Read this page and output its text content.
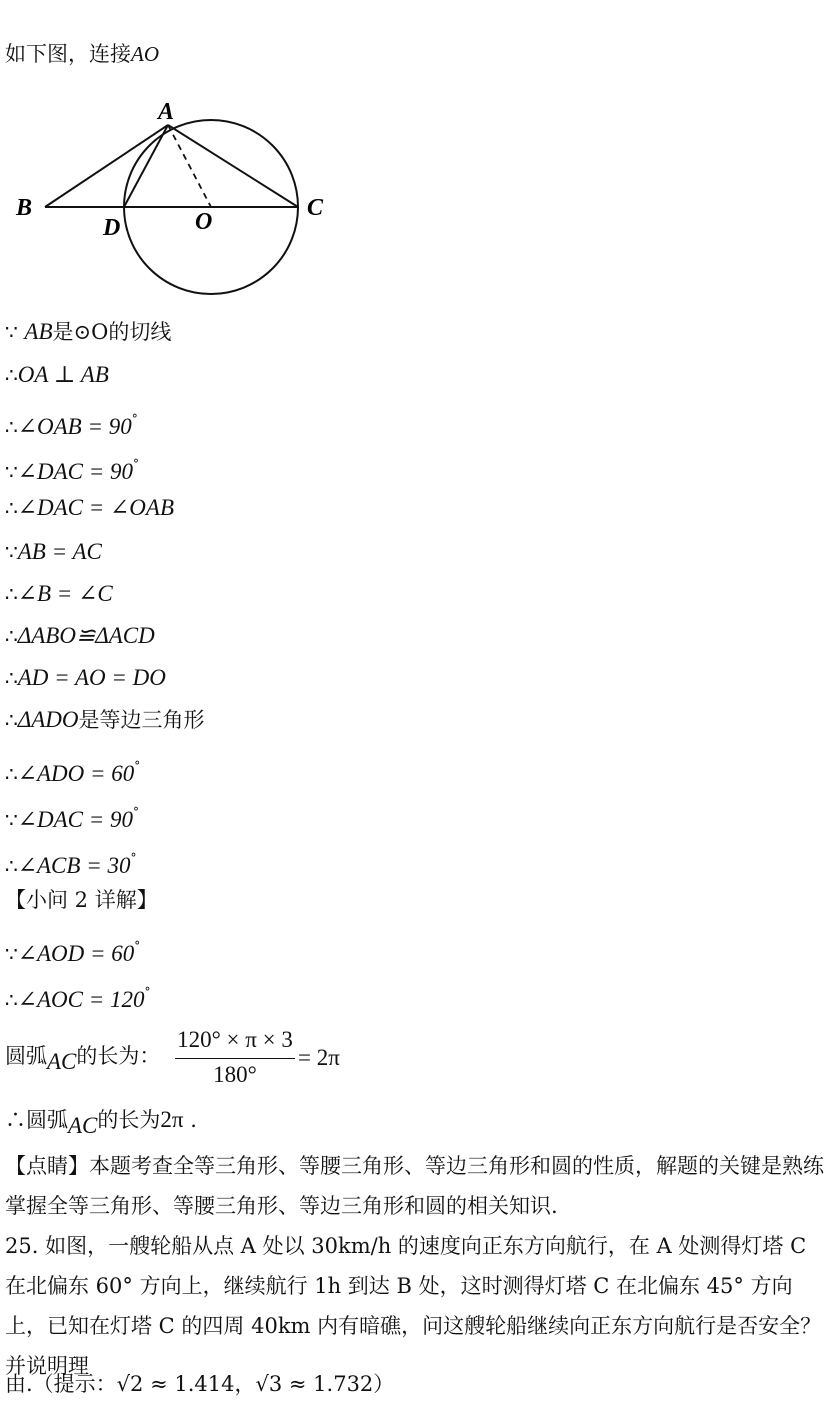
如下图，连接AO
A
B	C
D	O
∵ AB是⊙O的切线
∴OA ⊥ AB
∴∠OAB = 90°
∵∠DAC = 90°
∴∠DAC = ∠OAB
∵AB = AC
∴∠B = ∠C
∴ΔABO≌ΔACD
∴AD = AO = DO
∴ΔADO是等边三角形
∴∠ADO = 60°
∵∠DAC = 90°
∴∠ACB = 30°
【小问 2 详解】
∵∠AOD = 60°
∴∠AOC = 120°
圆弧AC的长为：
120° × π × 3
180°
= 2π
∴圆弧AC的长为2π .
【点睛】本题考查全等三角形、等腰三角形、等边三角形和圆的性质，解题的关键是熟练掌握全等三角形、等腰三角形、等边三角形和圆的相关知识.
25. 如图，一艘轮船从点 A 处以 30km/h 的速度向正东方向航行，在 A 处测得灯塔 C 在北偏东 60° 方向上，继续航行 1h 到达 B 处，这时测得灯塔 C 在北偏东 45° 方向上，已知在灯塔 C 的四周 40km 内有暗礁，问这艘轮船继续向正东方向航行是否安全？并说明理
由.（提示：√2 ≈ 1.414，√3 ≈ 1.732）
